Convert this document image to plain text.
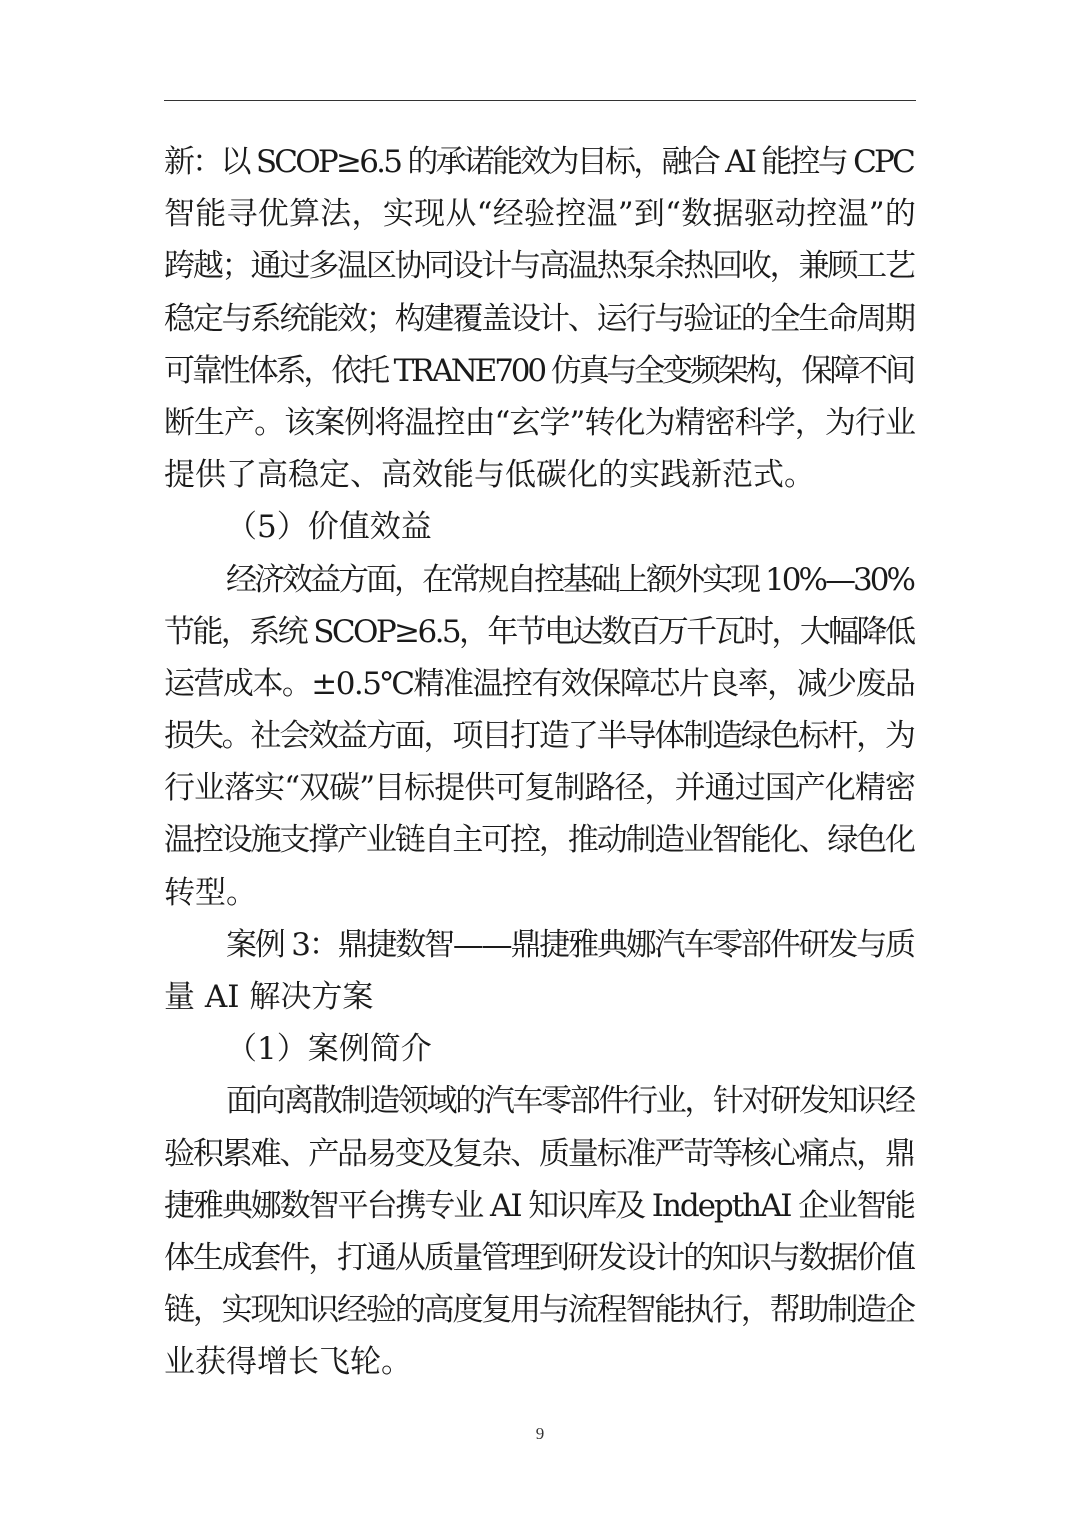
新：以 SCOP≥6.5 的承诺能效为目标，融合 AI 能控与 CPC
智能寻优算法，实现从“经验控温”到“数据驱动控温”的
跨越；通过多温区协同设计与高温热泵余热回收，兼顾工艺
稳定与系统能效；构建覆盖设计、运行与验证的全生命周期
可靠性体系，依托 TRANE700 仿真与全变频架构，保障不间
断生产。该案例将温控由“玄学”转化为精密科学，为行业
提供了高稳定、高效能与低碳化的实践新范式。
（5）价值效益
经济效益方面，在常规自控基础上额外实现 10%—30%
节能，系统 SCOP≥6.5，年节电达数百万千瓦时，大幅降低
运营成本。±0.5℃精准温控有效保障芯片良率，减少废品
损失。社会效益方面，项目打造了半导体制造绿色标杆，为
行业落实“双碳”目标提供可复制路径，并通过国产化精密
温控设施支撑产业链自主可控，推动制造业智能化、绿色化
转型。
案例 3：鼎捷数智——鼎捷雅典娜汽车零部件研发与质
量 AI 解决方案
（1）案例简介
面向离散制造领域的汽车零部件行业，针对研发知识经
验积累难、产品易变及复杂、质量标准严苛等核心痛点，鼎
捷雅典娜数智平台携专业 AI 知识库及 IndepthAI 企业智能
体生成套件，打通从质量管理到研发设计的知识与数据价值
链，实现知识经验的高度复用与流程智能执行，帮助制造企
业获得增长飞轮。
9
